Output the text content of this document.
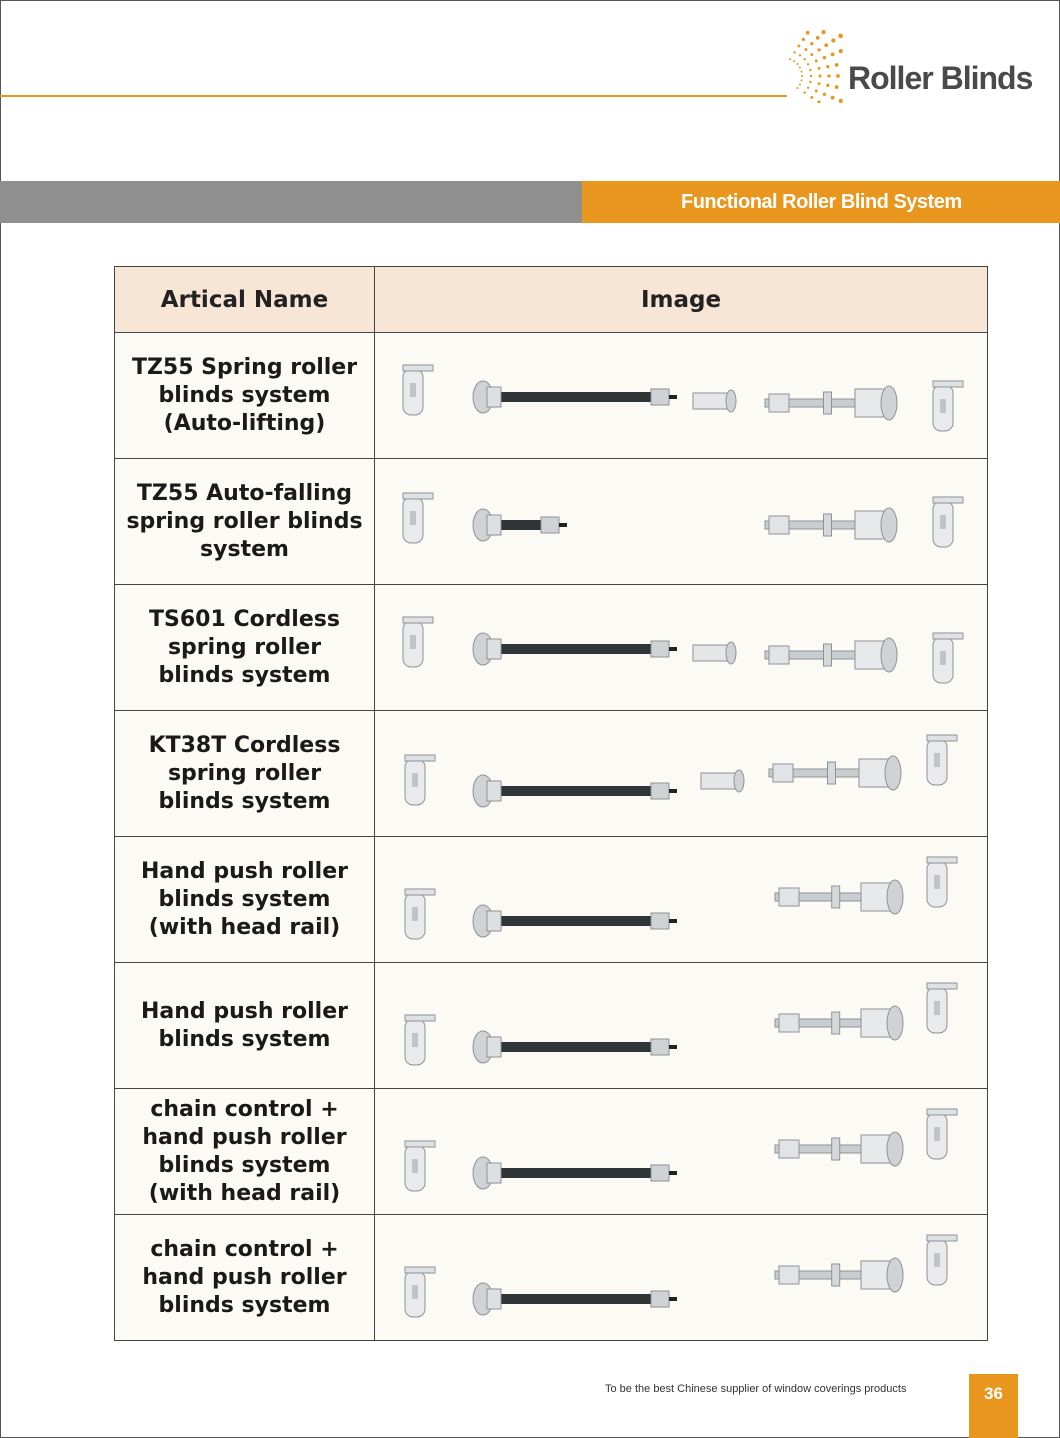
Roller Blinds
Functional Roller Blind System
Artical Name	Image
TZ55 Spring roller
blinds system
(Auto-lifting)	

TZ55 Auto-falling
spring roller blinds
system	

TS601 Cordless
spring roller
blinds system	

KT38T Cordless
spring roller
blinds system	

Hand push roller
blinds system
(with head rail)	

Hand push roller
blinds system	

chain control +
hand push roller
blinds system
(with head rail)	

chain control +
hand push roller
blinds system	
To be the best Chinese supplier of window coverings products	36
